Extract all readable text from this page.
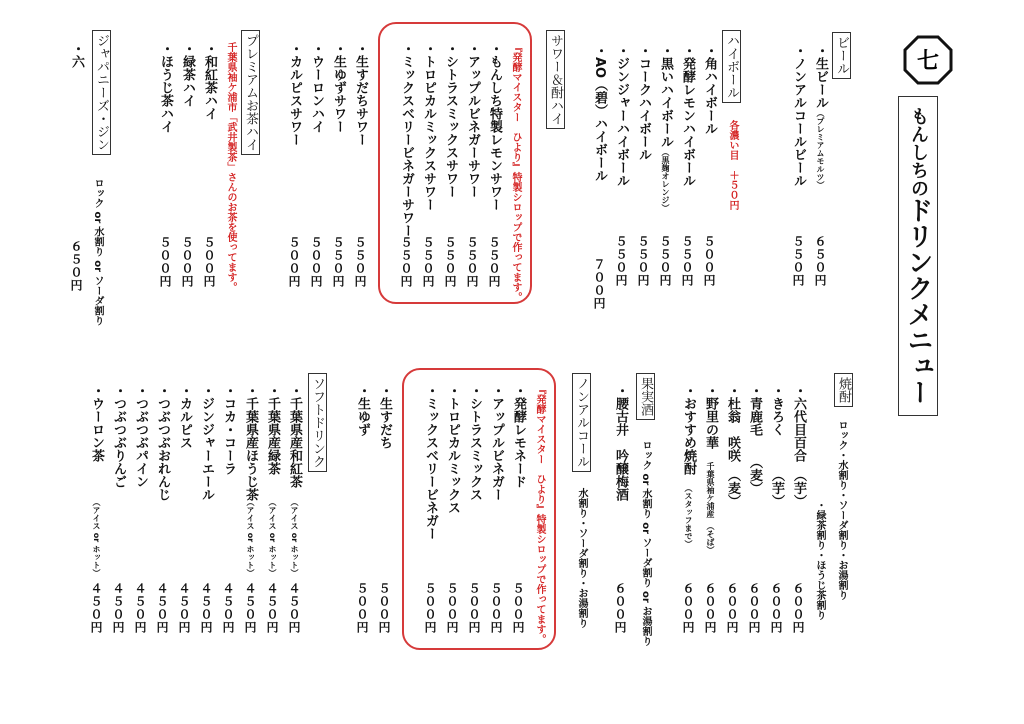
七
もんしちのドリンクメニュー
ビール
・生ビール（プレミアムモルツ）
６５０円
・ノンアルコールビール
５５０円
ハイボール
各濃い目　＋５０円
・角ハイボール
５００円
・発酵レモンハイボール
５５０円
・黒いハイボール（黒麹オレンジ）
５５０円
・コークハイボール
５５０円
・ジンジャーハイボール
５５０円
・AO（碧）ハイボール
７００円
サワー＆酎ハイ
『発酵マイスター　ひより』特製シロップで作ってます。
・もんしち特製レモンサワー
５５０円
・アップルビネガーサワー
５５０円
・シトラスミックスサワー
５５０円
・トロピカルミックスサワー
５５０円
・ミックスベリービネガーサワー
５５０円
・生すだちサワー
５５０円
・生ゆずサワー
５５０円
・ウーロンハイ
５００円
・カルピスサワー
５００円
プレミアムお茶ハイ
千葉県袖ケ浦市「武井製茶」さんのお茶を使ってます。
・和紅茶ハイ
５００円
・緑茶ハイ
５００円
・ほうじ茶ハイ
５００円
ジャパニーズ・ジン
・六
ロック or 水割り or ソーダ割り
６５０円
焼酎
ロック・水割り・ソーダ割り・お湯割り
・緑茶割り・ほうじ茶割り
・六代目百合　（芋）
６００円
・きろく　　　（芋）
６００円
・青鹿毛　　（麦）
６００円
・杜翁　咲咲　（麦）
６００円
・野里の華　千葉県袖ケ浦産　（そば）
６００円
・おすすめ焼酎　（スタッフまで）
６００円
果実酒
ロック or 水割り or ソーダ割り or お湯割り
・腰古井　吟醸梅酒
６００円
ノンアルコール
水割り・ソーダ割り・お湯割り
『発酵マイスター　ひより』特製シロップで作ってます。
・発酵レモネード
５００円
・アップルビネガー
５００円
・シトラスミックス
５００円
・トロピカルミックス
５００円
・ミックスベリービネガー
５００円
・生すだち
５００円
・生ゆず
５００円
ソフトドリンク
・千葉県産和紅茶
（アイス or ホット）
４５０円
・千葉県産緑茶
（アイス or ホット）
４５０円
・千葉県産ほうじ茶
（アイス or ホット）
４５０円
・コカ・コーラ
４５０円
・ジンジャーエール
４５０円
・カルピス
４５０円
・つぶつぶおれんじ
４５０円
・つぶつぶパイン
４５０円
・つぶつぶりんご
４５０円
・ウーロン茶
（アイス or ホット）
４５０円
